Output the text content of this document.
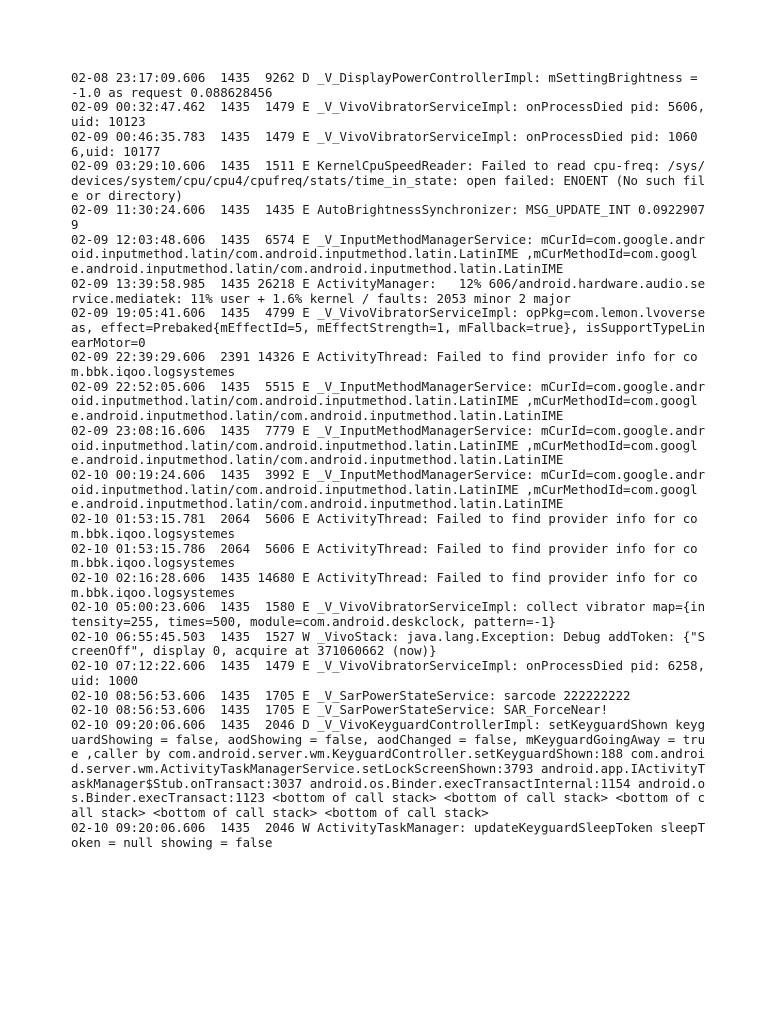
02-08 23:17:09.606  1435  9262 D _V_DisplayPowerControllerImpl: mSettingBrightness = -1.0 as request 0.088628456

02-09 00:32:47.462  1435  1479 E _V_VivoVibratorServiceImpl: onProcessDied pid: 5606,uid: 10123

02-09 00:46:35.783  1435  1479 E _V_VivoVibratorServiceImpl: onProcessDied pid: 10606,uid: 10177

02-09 03:29:10.606  1435  1511 E KernelCpuSpeedReader: Failed to read cpu-freq: /sys/devices/system/cpu/cpu4/cpufreq/stats/time_in_state: open failed: ENOENT (No such file or directory)

02-09 11:30:24.606  1435  1435 E AutoBrightnessSynchronizer: MSG_UPDATE_INT 0.09229079

02-09 12:03:48.606  1435  6574 E _V_InputMethodManagerService: mCurId=com.google.android.inputmethod.latin/com.android.inputmethod.latin.LatinIME ,mCurMethodId=com.google.android.inputmethod.latin/com.android.inputmethod.latin.LatinIME

02-09 13:39:58.985  1435 26218 E ActivityManager:   12% 606/android.hardware.audio.service.mediatek: 11% user + 1.6% kernel / faults: 2053 minor 2 major

02-09 19:05:41.606  1435  4799 E _V_VivoVibratorServiceImpl: opPkg=com.lemon.lvoverseas, effect=Prebaked{mEffectId=5, mEffectStrength=1, mFallback=true}, isSupportTypeLinearMotor=0

02-09 22:39:29.606  2391 14326 E ActivityThread: Failed to find provider info for com.bbk.iqoo.logsystemes

02-09 22:52:05.606  1435  5515 E _V_InputMethodManagerService: mCurId=com.google.android.inputmethod.latin/com.android.inputmethod.latin.LatinIME ,mCurMethodId=com.google.android.inputmethod.latin/com.android.inputmethod.latin.LatinIME

02-09 23:08:16.606  1435  7779 E _V_InputMethodManagerService: mCurId=com.google.android.inputmethod.latin/com.android.inputmethod.latin.LatinIME ,mCurMethodId=com.google.android.inputmethod.latin/com.android.inputmethod.latin.LatinIME

02-10 00:19:24.606  1435  3992 E _V_InputMethodManagerService: mCurId=com.google.android.inputmethod.latin/com.android.inputmethod.latin.LatinIME ,mCurMethodId=com.google.android.inputmethod.latin/com.android.inputmethod.latin.LatinIME

02-10 01:53:15.781  2064  5606 E ActivityThread: Failed to find provider info for com.bbk.iqoo.logsystemes

02-10 01:53:15.786  2064  5606 E ActivityThread: Failed to find provider info for com.bbk.iqoo.logsystemes

02-10 02:16:28.606  1435 14680 E ActivityThread: Failed to find provider info for com.bbk.iqoo.logsystemes

02-10 05:00:23.606  1435  1580 E _V_VivoVibratorServiceImpl: collect vibrator map={intensity=255, times=500, module=com.android.deskclock, pattern=-1}

02-10 06:55:45.503  1435  1527 W _VivoStack: java.lang.Exception: Debug addToken: {"ScreenOff", display 0, acquire at 371060662 (now)}

02-10 07:12:22.606  1435  1479 E _V_VivoVibratorServiceImpl: onProcessDied pid: 6258,uid: 1000

02-10 08:56:53.606  1435  1705 E _V_SarPowerStateService: sarcode 222222222

02-10 08:56:53.606  1435  1705 E _V_SarPowerStateService: SAR_ForceNear!

02-10 09:20:06.606  1435  2046 D _V_VivoKeyguardControllerImpl: setKeyguardShown keyguardShowing = false, aodShowing = false, aodChanged = false, mKeyguardGoingAway = true ,caller by com.android.server.wm.KeyguardController.setKeyguardShown:188 com.android.server.wm.ActivityTaskManagerService.setLockScreenShown:3793 android.app.IActivityTaskManager$Stub.onTransact:3037 android.os.Binder.execTransactInternal:1154 android.os.Binder.execTransact:1123 <bottom of call stack> <bottom of call stack> <bottom of call stack> <bottom of call stack> <bottom of call stack>

02-10 09:20:06.606  1435  2046 W ActivityTaskManager: updateKeyguardSleepToken sleepToken = null showing = false
